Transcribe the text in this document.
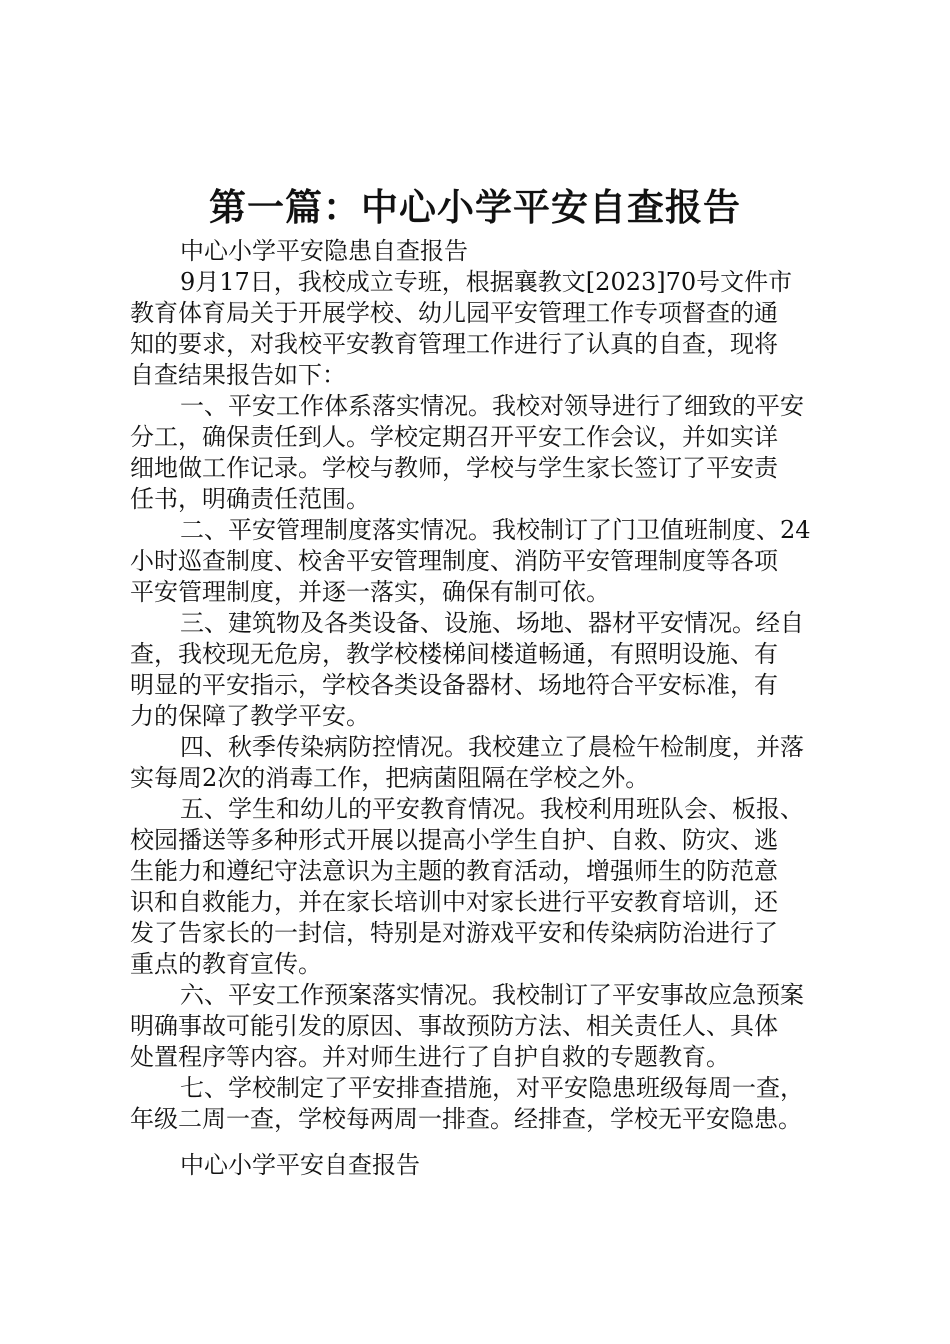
第一篇：中心小学平安自查报告
中心小学平安隐患自查报告
9月17日，我校成立专班，根据襄教文[2023]70号文件市
教育体育局关于开展学校、幼儿园平安管理工作专项督查的通
知的要求，对我校平安教育管理工作进行了认真的自查，现将
自查结果报告如下：
一、平安工作体系落实情况。我校对领导进行了细致的平安
分工，确保责任到人。学校定期召开平安工作会议，并如实详
细地做工作记录。学校与教师，学校与学生家长签订了平安责
任书，明确责任范围。
二、平安管理制度落实情况。我校制订了门卫值班制度、24
小时巡查制度、校舍平安管理制度、消防平安管理制度等各项
平安管理制度，并逐一落实，确保有制可依。
三、建筑物及各类设备、设施、场地、器材平安情况。经自
查，我校现无危房，教学校楼梯间楼道畅通，有照明设施、有
明显的平安指示，学校各类设备器材、场地符合平安标准，有
力的保障了教学平安。
四、秋季传染病防控情况。我校建立了晨检午检制度，并落
实每周2次的消毒工作，把病菌阻隔在学校之外。
五、学生和幼儿的平安教育情况。我校利用班队会、板报、
校园播送等多种形式开展以提高小学生自护、自救、防灾、逃
生能力和遵纪守法意识为主题的教育活动，增强师生的防范意
识和自救能力，并在家长培训中对家长进行平安教育培训，还
发了告家长的一封信，特别是对游戏平安和传染病防治进行了
重点的教育宣传。
六、平安工作预案落实情况。我校制订了平安事故应急预案
明确事故可能引发的原因、事故预防方法、相关责任人、具体
处置程序等内容。并对师生进行了自护自救的专题教育。
七、学校制定了平安排查措施，对平安隐患班级每周一查，
年级二周一查，学校每两周一排查。经排查，学校无平安隐患。
中心小学平安自查报告
